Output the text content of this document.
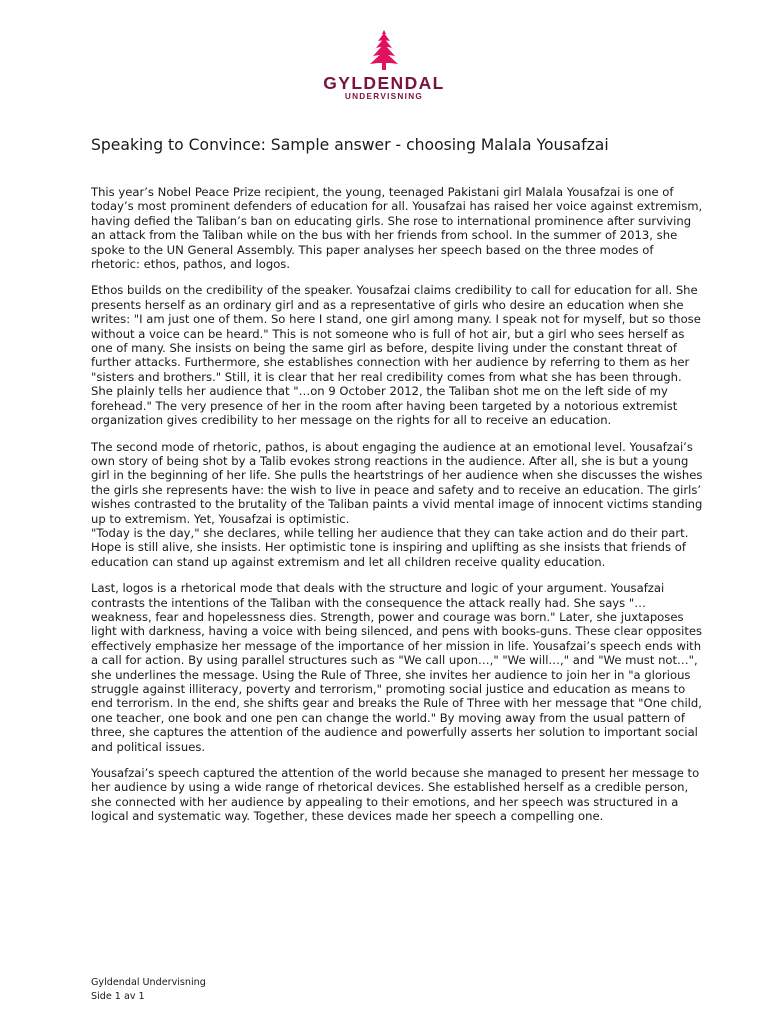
GYLDENDAL
UNDERVISNING
Speaking to Convince: Sample answer - choosing Malala Yousafzai

This year’s Nobel Peace Prize recipient, the young, teenaged Pakistani girl Malala Yousafzai is one of today’s most prominent defenders of education for all. Yousafzai has raised her voice against extremism, having defied the Taliban’s ban on educating girls. She rose to international prominence after surviving an attack from the Taliban while on the bus with her friends from school. In the summer of 2013, she spoke to the UN General Assembly. This paper analyses her speech based on the three modes of rhetoric: ethos, pathos, and logos.

Ethos builds on the credibility of the speaker. Yousafzai claims credibility to call for education for all. She presents herself as an ordinary girl and as a representative of girls who desire an education when she writes: "I am just one of them. So here I stand, one girl among many. I speak not for myself, but so those without a voice can be heard." This is not someone who is full of hot air, but a girl who sees herself as one of many. She insists on being the same girl as before, despite living under the constant threat of further attacks. Furthermore, she establishes connection with her audience by referring to them as her "sisters and brothers." Still, it is clear that her real credibility comes from what she has been through. She plainly tells her audience that "…on 9 October 2012, the Taliban shot me on the left side of my forehead." The very presence of her in the room after having been targeted by a notorious extremist organization gives credibility to her message on the rights for all to receive an education.

The second mode of rhetoric, pathos, is about engaging the audience at an emotional level. Yousafzai’s own story of being shot by a Talib evokes strong reactions in the audience. After all, she is but a young girl in the beginning of her life. She pulls the heartstrings of her audience when she discusses the wishes the girls she represents have: the wish to live in peace and safety and to receive an education. The girls’ wishes contrasted to the brutality of the Taliban paints a vivid mental image of innocent victims standing up to extremism. Yet, Yousafzai is optimistic.

"Today is the day," she declares, while telling her audience that they can take action and do their part. Hope is still alive, she insists. Her optimistic tone is inspiring and uplifting as she insists that friends of education can stand up against extremism and let all children receive quality education.

Last, logos is a rhetorical mode that deals with the structure and logic of your argument. Yousafzai contrasts the intentions of the Taliban with the consequence the attack really had. She says "…weakness, fear and hopelessness dies. Strength, power and courage was born." Later, she juxtaposes light with darkness, having a voice with being silenced, and pens with books-guns. These clear opposites effectively emphasize her message of the importance of her mission in life. Yousafzai’s speech ends with a call for action. By using parallel structures such as "We call upon…," "We will…," and "We must not…", she underlines the message. Using the Rule of Three, she invites her audience to join her in "a glorious struggle against illiteracy, poverty and terrorism," promoting social justice and education as means to end terrorism. In the end, she shifts gear and breaks the Rule of Three with her message that "One child, one teacher, one book and one pen can change the world." By moving away from the usual pattern of three, she captures the attention of the audience and powerfully asserts her solution to important social and political issues.

Yousafzai’s speech captured the attention of the world because she managed to present her message to her audience by using a wide range of rhetorical devices. She established herself as a credible person, she connected with her audience by appealing to their emotions, and her speech was structured in a logical and systematic way. Together, these devices made her speech a compelling one.

Gyldendal Undervisning
Side 1 av 1
